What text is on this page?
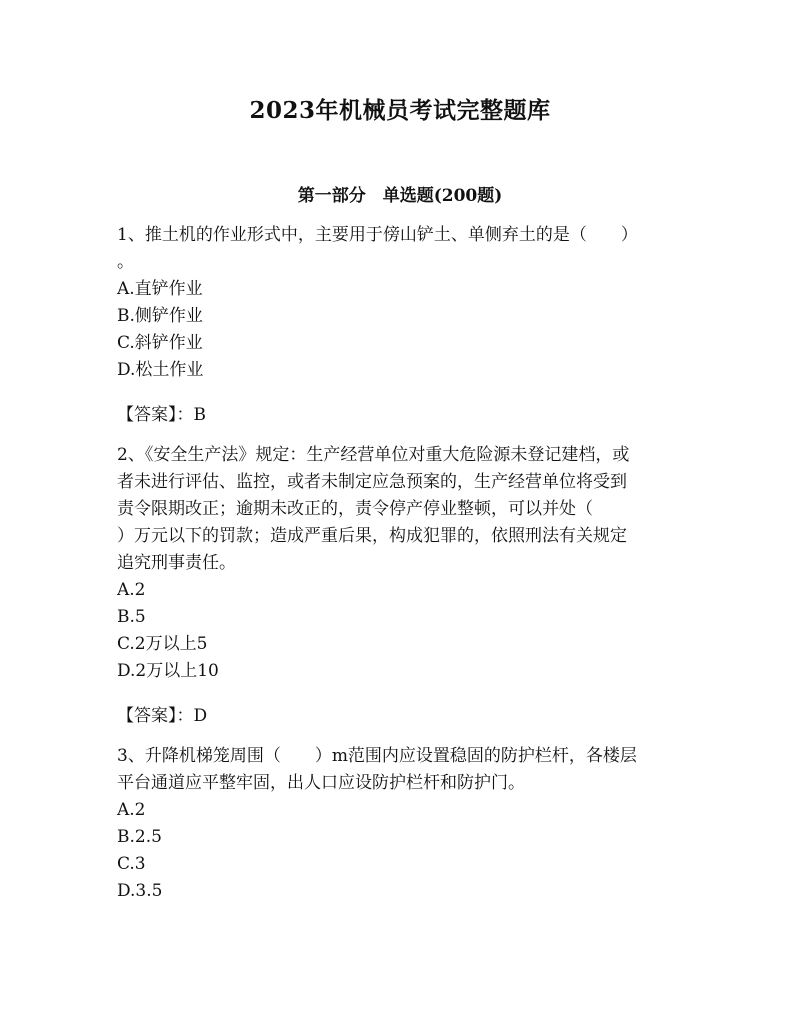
2023年机械员考试完整题库
第一部分　单选题(200题)
1、推土机的作业形式中，主要用于傍山铲土、单侧弃土的是（　　）
。
A.直铲作业
B.侧铲作业
C.斜铲作业
D.松土作业
【答案】：B
2、《安全生产法》规定：生产经营单位对重大危险源未登记建档，或
者未进行评估、监控，或者未制定应急预案的，生产经营单位将受到
责令限期改正；逾期未改正的，责令停产停业整顿，可以并处（
）万元以下的罚款；造成严重后果，构成犯罪的，依照刑法有关规定
追究刑事责任。
A.2
B.5
C.2万以上5
D.2万以上10
【答案】：D
3、升降机梯笼周围（　　）m范围内应设置稳固的防护栏杆，各楼层
平台通道应平整牢固，出人口应设防护栏杆和防护门。
A.2
B.2.5
C.3
D.3.5
